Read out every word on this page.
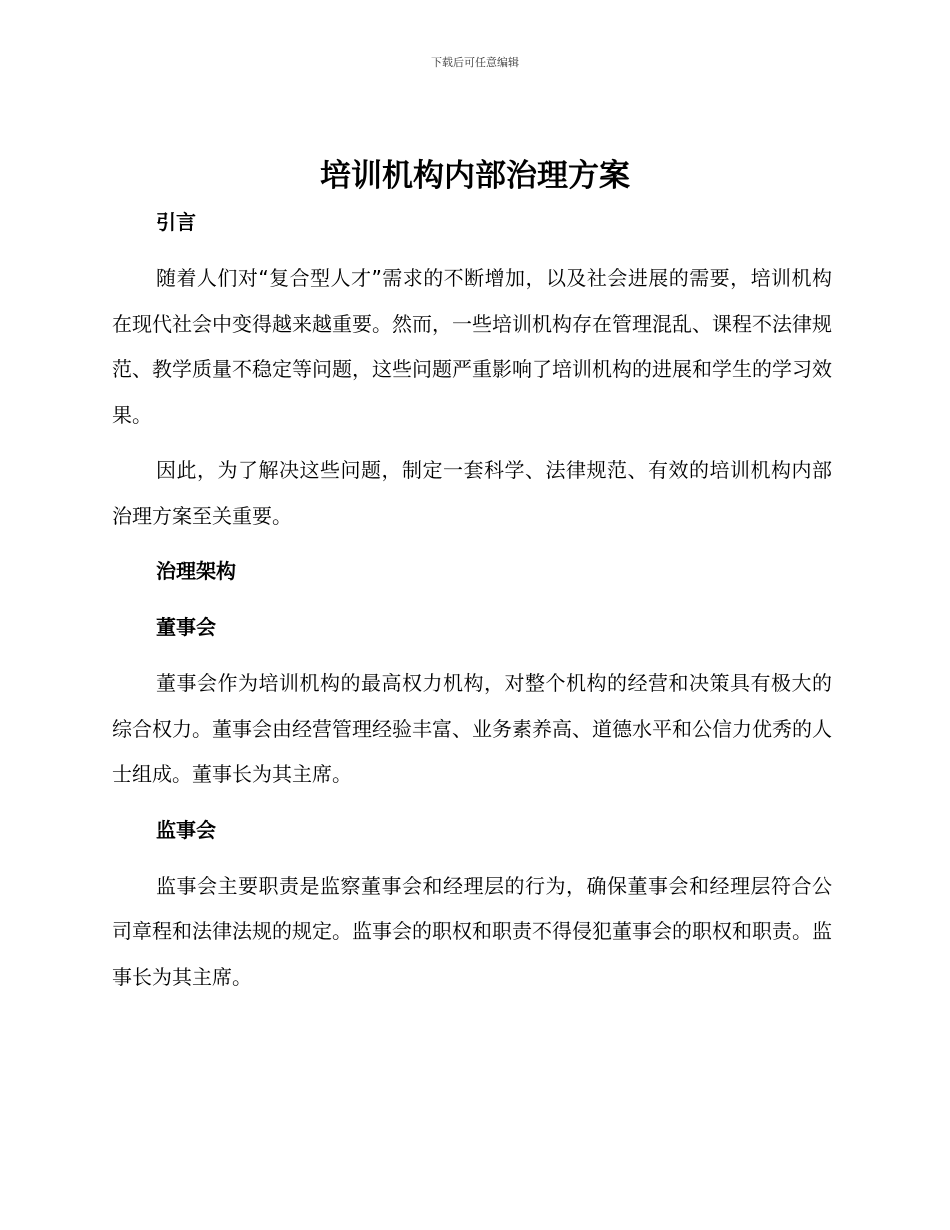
下载后可任意编辑
培训机构内部治理方案
引言

随着人们对“复合型人才”需求的不断增加，以及社会进展的需要，培训机构在现代社会中变得越来越重要。然而，一些培训机构存在管理混乱、课程不法律规范、教学质量不稳定等问题，这些问题严重影响了培训机构的进展和学生的学习效果。

因此，为了解决这些问题，制定一套科学、法律规范、有效的培训机构内部治理方案至关重要。

治理架构
董事会

董事会作为培训机构的最高权力机构，对整个机构的经营和决策具有极大的综合权力。董事会由经营管理经验丰富、业务素养高、道德水平和公信力优秀的人士组成。董事长为其主席。

监事会

监事会主要职责是监察董事会和经理层的行为，确保董事会和经理层符合公司章程和法律法规的规定。监事会的职权和职责不得侵犯董事会的职权和职责。监事长为其主席。
